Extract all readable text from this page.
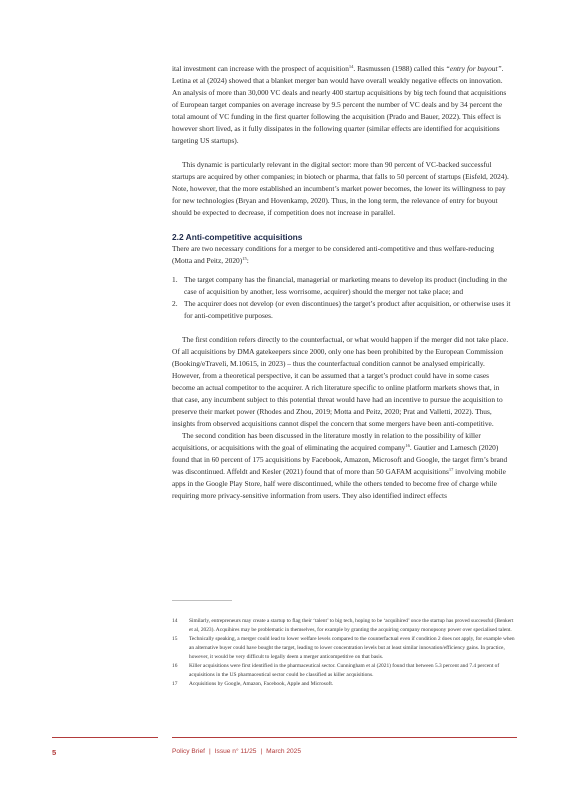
ital investment can increase with the prospect of acquisition$^{14}$. Rasmussen (1988) called this “entry for buyout”. Letina et al (2024) showed that a blanket merger ban would have overall weakly negative effects on innovation. An analysis of more than 30,000 VC deals and nearly 400 startup acquisitions by big tech found that acquisitions of European target companies on average increase by 9.5 percent the number of VC deals and by 34 percent the total amount of VC funding in the first quarter following the acquisition (Prado and Bauer, 2022). This effect is however short lived, as it fully dissipates in the following quarter (similar effects are identified for acquisitions targeting US startups).

This dynamic is particularly relevant in the digital sector: more than 90 percent of VC-backed successful startups are acquired by other companies; in biotech or pharma, that falls to 50 percent of startups (Eisfeld, 2024). Note, however, that the more established an incumbent’s market power becomes, the lower its willingness to pay for new technologies (Bryan and Hovenkamp, 2020). Thus, in the long term, the relevance of entry for buyout should be expected to decrease, if competition does not increase in parallel.

2.2 Anti-competitive acquisitions

There are two necessary conditions for a merger to be considered anti-competitive and thus welfare-reducing (Motta and Peitz, 2020)$^{15}$:

1. The target company has the financial, managerial or marketing means to develop its product (including in the case of acquisition by another, less worrisome, acquirer) should the merger not take place; and
2. The acquirer does not develop (or even discontinues) the target’s product after acquisition, or otherwise uses it for anti-competitive purposes.

The first condition refers directly to the counterfactual, or what would happen if the merger did not take place. Of all acquisitions by DMA gatekeepers since 2000, only one has been prohibited by the European Commission (Booking/eTraveli, M.10615, in 2023) – thus the counterfactual condition cannot be analysed empirically. However, from a theoretical perspective, it can be assumed that a target’s product could have in some cases become an actual competitor to the acquirer. A rich literature specific to online platform markets shows that, in that case, any incumbent subject to this potential threat would have had an incentive to pursue the acquisition to preserve their market power (Rhodes and Zhou, 2019; Motta and Peitz, 2020; Prat and Valletti, 2022). Thus, insights from observed acquisitions cannot dispel the concern that some mergers have been anti-competitive.

The second condition has been discussed in the literature mostly in relation to the possibility of killer acquisitions, or acquisitions with the goal of eliminating the acquired company$^{16}$. Gautier and Lamesch (2020) found that in 60 percent of 175 acquisitions by Facebook, Amazon, Microsoft and Google, the target firm’s brand was discontinued. Affeldt and Kesler (2021) found that of more than 50 GAFAM acquisitions$^{17}$ involving mobile apps in the Google Play Store, half were discontinued, while the others tended to become free of charge while requiring more privacy-sensitive information from users. They also identified indirect effects

14	Similarly, entrepreneurs may create a startup to flag their ‘talent’ to big tech, hoping to be ‘acquihired’ once the startup has proved successful (Benkert et al, 2023). Acquihires may be problematic in themselves, for example by granting the acquiring company monopsony power over specialised talent.
15	Technically speaking, a merger could lead to lower welfare levels compared to the counterfactual even if condition 2 does not apply, for example when an alternative buyer could have bought the target, leading to lower concentration levels but at least similar innovation/efficiency gains. In practice, however, it would be very difficult to legally deem a merger anticompetitive on that basis.
16	Killer acquisitions were first identified in the pharmaceutical sector. Cunningham et al (2021) found that between 5.3 percent and 7.4 percent of acquisitions in the US pharmaceutical sector could be classified as killer acquisitions.
17	Acquisitions by Google, Amazon, Facebook, Apple and Microsoft.
5	Policy Brief | Issue n° 11/25 | March 2025
